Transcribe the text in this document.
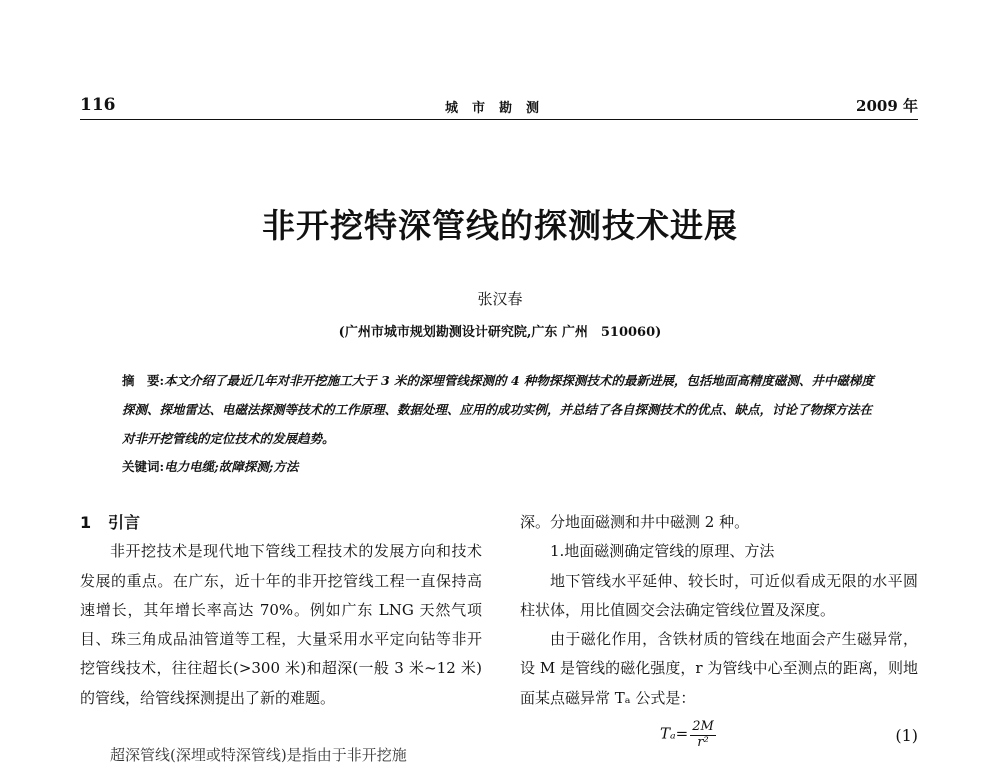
116	城市勘测	2009 年
非开挖特深管线的探测技术进展
张汉春
(广州市城市规划勘测设计研究院,广东 广州　510060)
摘　要:本文介绍了最近几年对非开挖施工大于 3 米的深埋管线探测的 4 种物探探测技术的最新进展，包括地面高精度磁测、井中磁梯度探测、探地雷达、电磁法探测等技术的工作原理、数据处理、应用的成功实例，并总结了各自探测技术的优点、缺点，讨论了物探方法在对非开挖管线的定位技术的发展趋势。
关键词:电力电缆;故障探测;方法
1 引言

非开挖技术是现代地下管线工程技术的发展方向和技术发展的重点。在广东，近十年的非开挖管线工程一直保持高速增长，其年增长率高达 70%。例如广东 LNG 天然气项目、珠三角成品油管道等工程，大量采用水平定向钻等非开挖管线技术，往往超长(>300 米)和超深(一般 3 米~12 米)的管线，给管线探测提出了新的难题。

超深管线(深埋或特深管线)是指由于非开挖施

深。分地面磁测和井中磁测 2 种。

1.地面磁测确定管线的原理、方法

地下管线水平延伸、较长时，可近似看成无限的水平圆柱状体，用比值圆交会法确定管线位置及深度。

由于磁化作用，含铁材质的管线在地面会产生磁异常，设 M 是管线的磁化强度，r 为管线中心至测点的距离，则地面某点磁异常 Tₐ 公式是：

$T_a= \frac{2M}{\text{r²}}$	(1)
